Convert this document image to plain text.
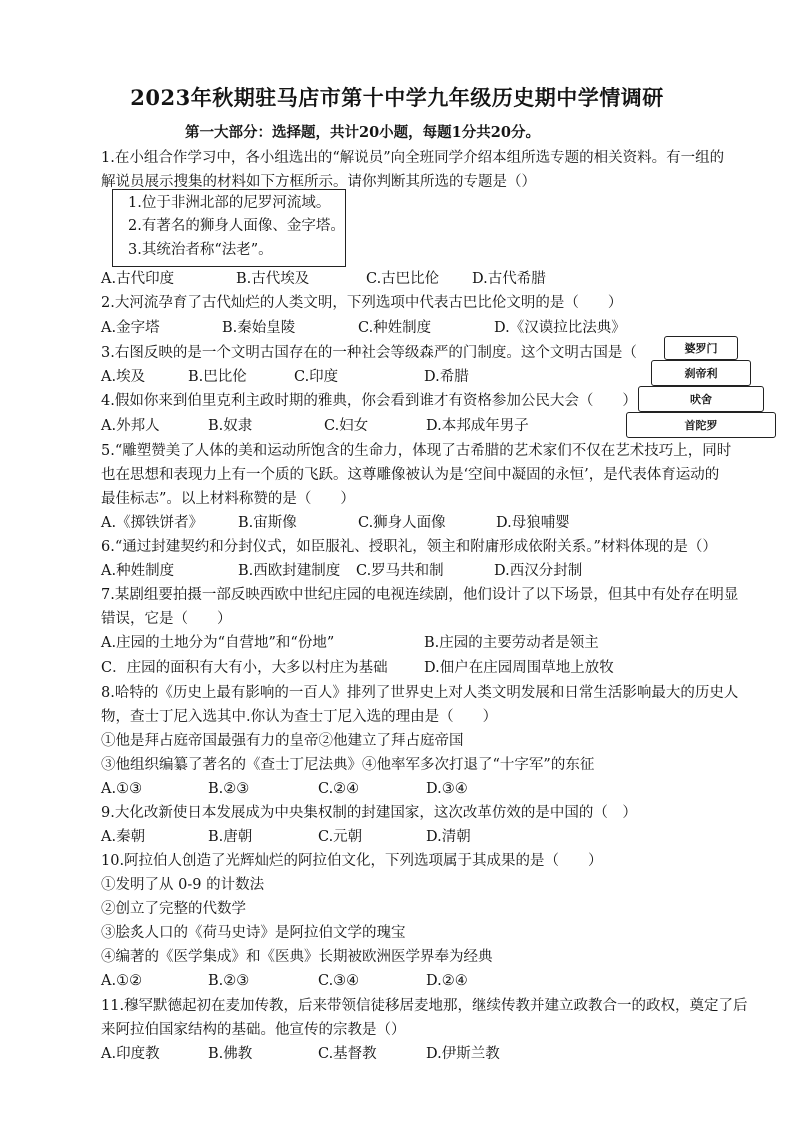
2023年秋期驻马店市第十中学九年级历史期中学情调研
第一大部分：选择题，共计20小题，每题1分共20分。
1.在小组合作学习中，各小组选出的“解说员”向全班同学介绍本组所选专题的相关资料。有一组的
解说员展示搜集的材料如下方框所示。请你判断其所选的专题是（）
1.位于非洲北部的尼罗河流域。
2.有著名的狮身人面像、金字塔。
3.其统治者称“法老”。
A.古代印度	B.古代埃及	C.古巴比伦 D.古代希腊
2.大河流孕育了古代灿烂的人类文明，下列选项中代表古巴比伦文明的是（　　）
A.金字塔	B.秦始皇陵	C.种姓制度	D.《汉谟拉比法典》
3.右图反映的是一个文明古国存在的一种社会等级森严的门制度。这个文明古国是（
A.埃及	B.巴比伦	C.印度	D.希腊
婆罗门
刹帝利
吠舍
首陀罗
4.假如你来到伯里克利主政时期的雅典，你会看到谁才有资格参加公民大会（　　）
A.外邦人	B.奴隶	C.妇女	D.本邦成年男子
5.“雕塑赞美了人体的美和运动所饱含的生命力，体现了古希腊的艺术家们不仅在艺术技巧上，同时
也在思想和表现力上有一个质的飞跃。这尊雕像被认为是‘空间中凝固的永恒’，是代表体育运动的
最佳标志”。以上材料称赞的是（　　）
A.《掷铁饼者》 B.宙斯像	C.狮身人面像	D.母狼哺婴
6.“通过封建契约和分封仪式，如臣服礼、授职礼，领主和附庸形成依附关系。”材料体现的是（）
A.种姓制度	B.西欧封建制度 C.罗马共和制	D.西汉分封制
7.某剧组要拍摄一部反映西欧中世纪庄园的电视连续剧，他们设计了以下场景，但其中有处存在明显
错误，它是（　　）
A.庄园的土地分为“自营地”和“份地”	B.庄园的主要劳动者是领主
C．庄园的面积有大有小，大多以村庄为基础	D.佃户在庄园周围草地上放牧
8.哈特的《历史上最有影响的一百人》排列了世界史上对人类文明发展和日常生活影响最大的历史人
物，查士丁尼入选其中.你认为查士丁尼入选的理由是（　　）
①他是拜占庭帝国最强有力的皇帝②他建立了拜占庭帝国
③他组织编纂了著名的《查士丁尼法典》④他率军多次打退了“十字军”的东征
A.①③	B.②③	C.②④	D.③④
9.大化改新使日本发展成为中央集权制的封建国家，这次改革仿效的是中国的（　）
A.秦朝	B.唐朝	C.元朝	D.清朝
10.阿拉伯人创造了光辉灿烂的阿拉伯文化，下列选项属于其成果的是（　　）
①发明了从 0-9 的计数法
②创立了完整的代数学
③脍炙人口的《荷马史诗》是阿拉伯文学的瑰宝
④编著的《医学集成》和《医典》长期被欧洲医学界奉为经典
A.①②	B.②③	C.③④	D.②④
11.穆罕默德起初在麦加传教，后来带领信徒移居麦地那，继续传教并建立政教合一的政权，奠定了后
来阿拉伯国家结构的基础。他宣传的宗教是（）
A.印度教	B.佛教	C.基督教	D.伊斯兰教
